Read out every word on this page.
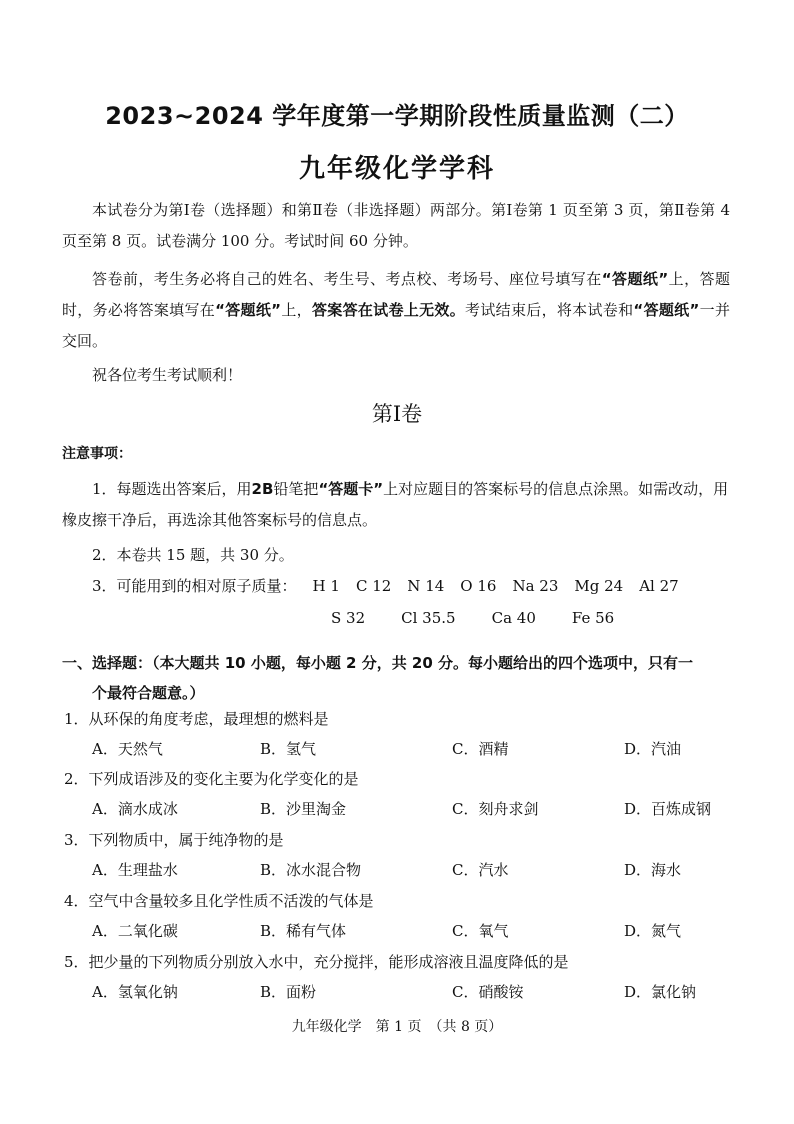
2023~2024 学年度第一学期阶段性质量监测（二）
九年级化学学科
本试卷分为第Ⅰ卷（选择题）和第Ⅱ卷（非选择题）两部分。第Ⅰ卷第 1 页至第 3 页，第Ⅱ卷第 4 页至第 8 页。试卷满分 100 分。考试时间 60 分钟。
答卷前，考生务必将自己的姓名、考生号、考点校、考场号、座位号填写在“答题纸”上，答题时，务必将答案填写在“答题纸”上，答案答在试卷上无效。考试结束后，将本试卷和“答题纸”一并交回。
祝各位考生考试顺利！
第Ⅰ卷
注意事项：
1．每题选出答案后，用2B铅笔把“答题卡”上对应题目的答案标号的信息点涂黑。如需改动，用橡皮擦干净后，再选涂其他答案标号的信息点。
2．本卷共 15 题，共 30 分。
3．可能用到的相对原子质量： H 1 C 12 N 14 O 16 Na 23 Mg 24 Al 27
S 32 Cl 35.5 Ca 40 Fe 56
一、选择题：（本大题共 10 小题，每小题 2 分，共 20 分。每小题给出的四个选项中，只有一
个最符合题意。）
1．从环保的角度考虑，最理想的燃料是
A．天然气	B．氢气	C．酒精	D．汽油
2．下列成语涉及的变化主要为化学变化的是
A．滴水成冰	B．沙里淘金	C．刻舟求剑	D．百炼成钢
3．下列物质中，属于纯净物的是
A．生理盐水	B．冰水混合物	C．汽水	D．海水
4．空气中含量较多且化学性质不活泼的气体是
A．二氧化碳	B．稀有气体	C．氧气	D．氮气
5．把少量的下列物质分别放入水中，充分搅拌，能形成溶液且温度降低的是
A．氢氧化钠	B．面粉	C．硝酸铵	D．氯化钠
九年级化学　第 1 页　（共 8 页）
